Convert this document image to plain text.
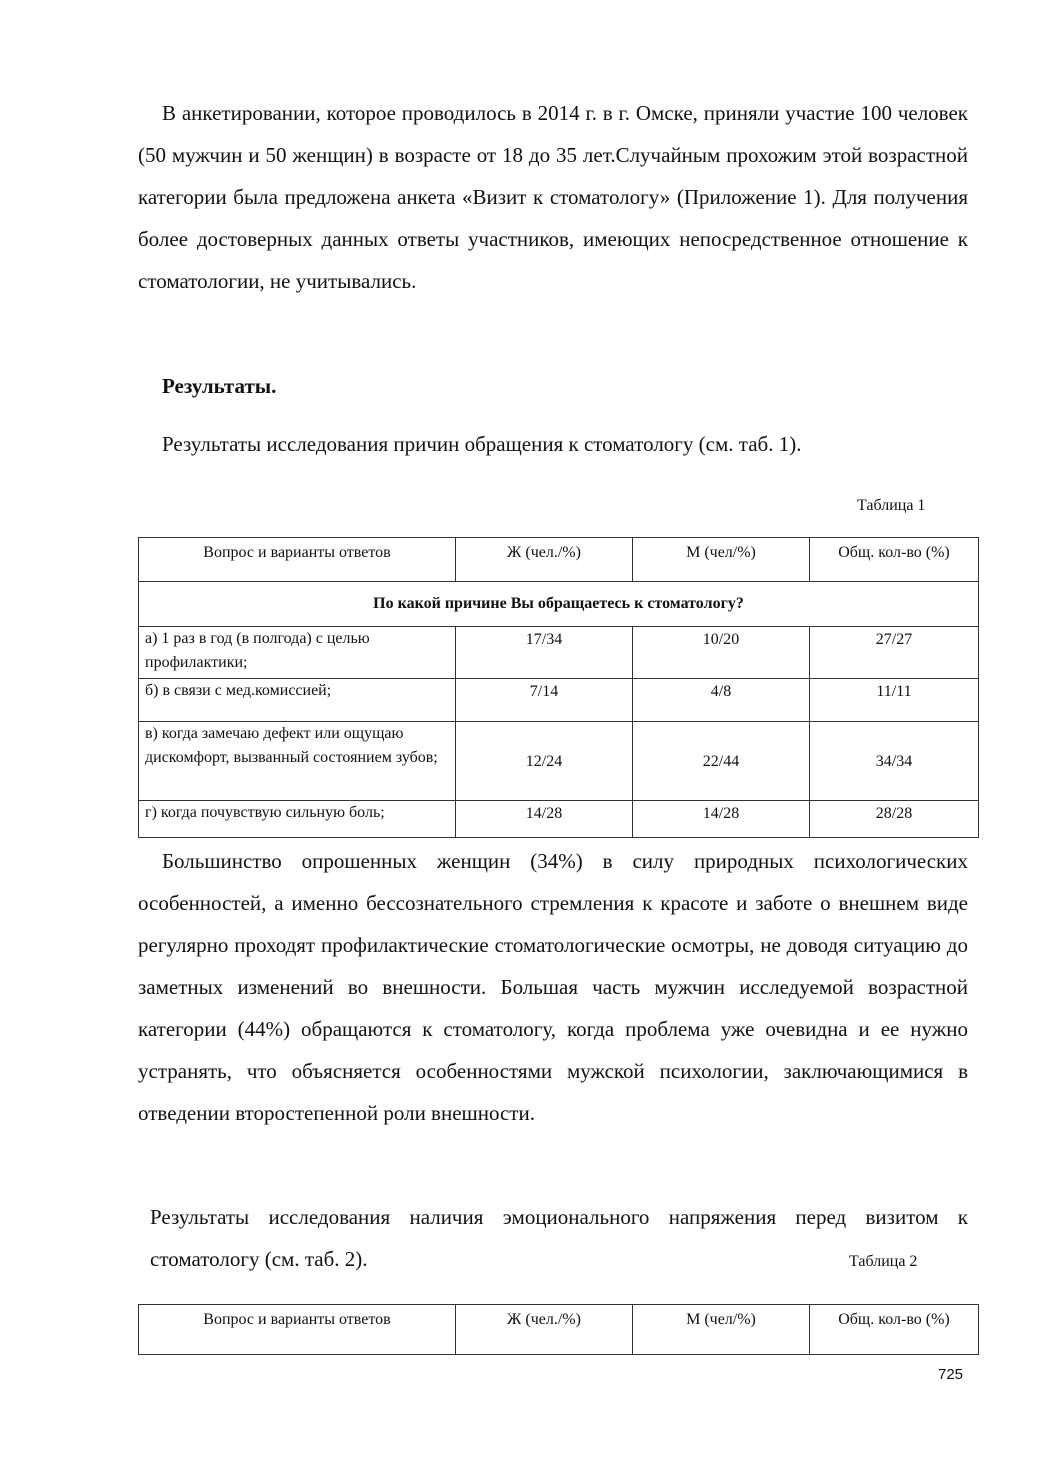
В анкетировании, которое проводилось в 2014 г. в г. Омске, приняли участие 100 человек (50 мужчин и 50 женщин) в возрасте от 18 до 35 лет.Случайным прохожим этой возрастной категории была предложена анкета «Визит к стоматологу» (Приложение 1). Для получения более достоверных данных ответы участников, имеющих непосредственное отношение к стоматологии, не учитывались.

Результаты.

Результаты исследования причин обращения к стоматологу (см. таб. 1).

Таблица 1
Вопрос и варианты ответов	Ж (чел./%)	М (чел/%)	Общ. кол-во (%)
По какой причине Вы обращаетесь к стоматологу?			
а) 1 раз в год (в полгода) с целью профилактики;	17/34	10/20	27/27
б) в связи с мед.комиссией;	7/14	4/8	11/11
в) когда замечаю дефект или ощущаю дискомфорт, вызванный состоянием зубов;	12/24	22/44	34/34
г) когда почувствую сильную боль;	14/28	14/28	28/28

Большинство опрошенных женщин (34%) в силу природных психологических особенностей, а именно бессознательного стремления к красоте и заботе о внешнем виде регулярно проходят профилактические стоматологические осмотры, не доводя ситуацию до заметных изменений во внешности. Большая часть мужчин исследуемой возрастной категории (44%) обращаются к стоматологу, когда проблема уже очевидна и ее нужно устранять, что объясняется особенностями мужской психологии, заключающимися в отведении второстепенной роли внешности.

Результаты исследования наличия эмоционального напряжения перед визитом к стоматологу (см. таб. 2).	Таблица 2
Вопрос и варианты ответов	Ж (чел./%)	М (чел/%)	Общ. кол-во (%)
725
